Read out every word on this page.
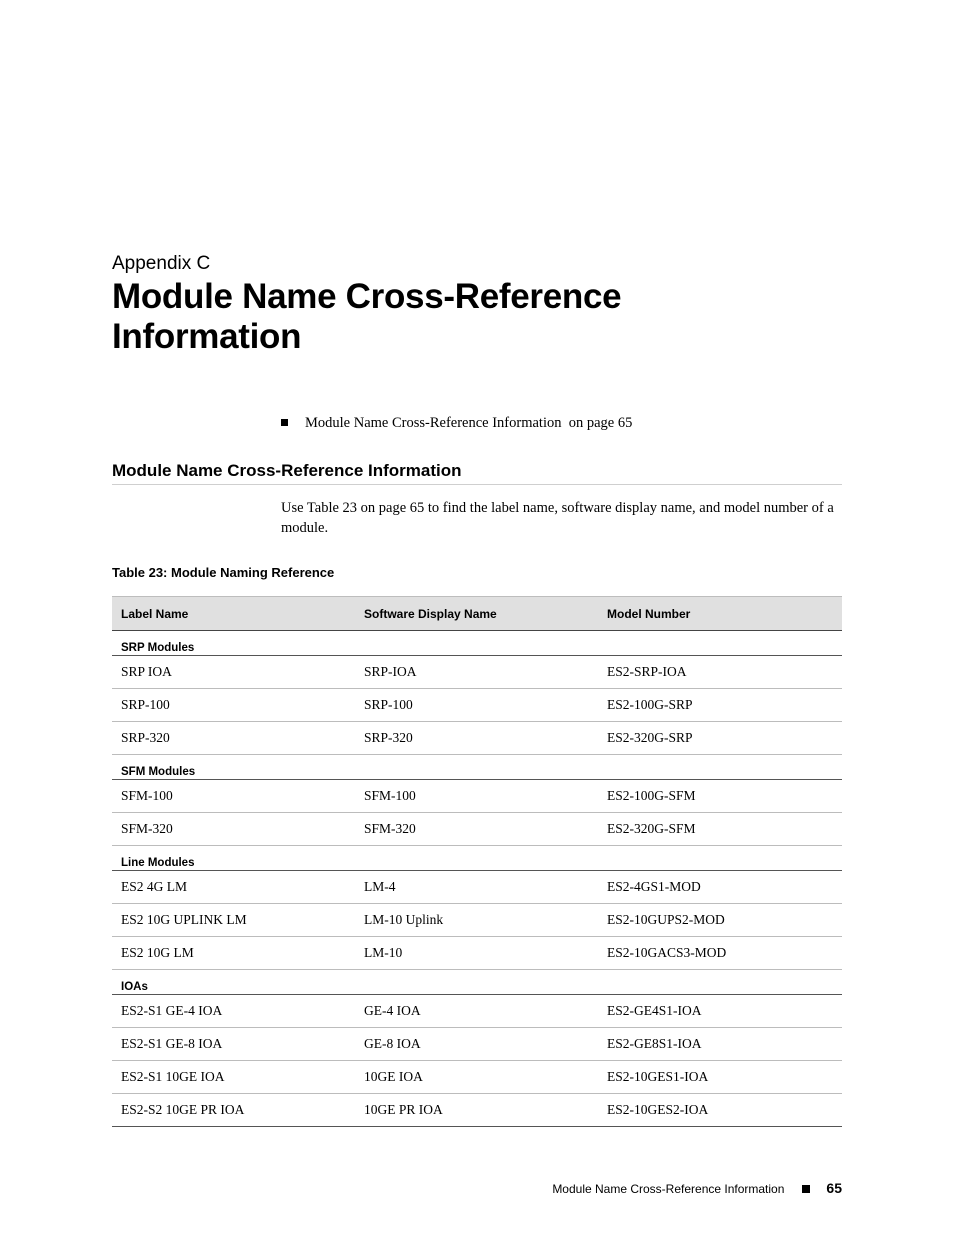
Appendix C
Module Name Cross-Reference Information
Module Name Cross-Reference Information on page 65
Module Name Cross-Reference Information
Use Table 23 on page 65 to find the label name, software display name, and model number of a module.
Table 23: Module Naming Reference
Label Name	Software Display Name	Model Number
SRP Modules		
SRP IOA	SRP-IOA	ES2-SRP-IOA
SRP-100	SRP-100	ES2-100G-SRP
SRP-320	SRP-320	ES2-320G-SRP
SFM Modules		
SFM-100	SFM-100	ES2-100G-SFM
SFM-320	SFM-320	ES2-320G-SFM
Line Modules		
ES2 4G LM	LM-4	ES2-4GS1-MOD
ES2 10G UPLINK LM	LM-10 Uplink	ES2-10GUPS2-MOD
ES2 10G LM	LM-10	ES2-10GACS3-MOD
IOAs		
ES2-S1 GE-4 IOA	GE-4 IOA	ES2-GE4S1-IOA
ES2-S1 GE-8 IOA	GE-8 IOA	ES2-GE8S1-IOA
ES2-S1 10GE IOA	10GE IOA	ES2-10GES1-IOA
ES2-S2 10GE PR IOA	10GE PR IOA	ES2-10GES2-IOA
Module Name Cross-Reference Information	65
